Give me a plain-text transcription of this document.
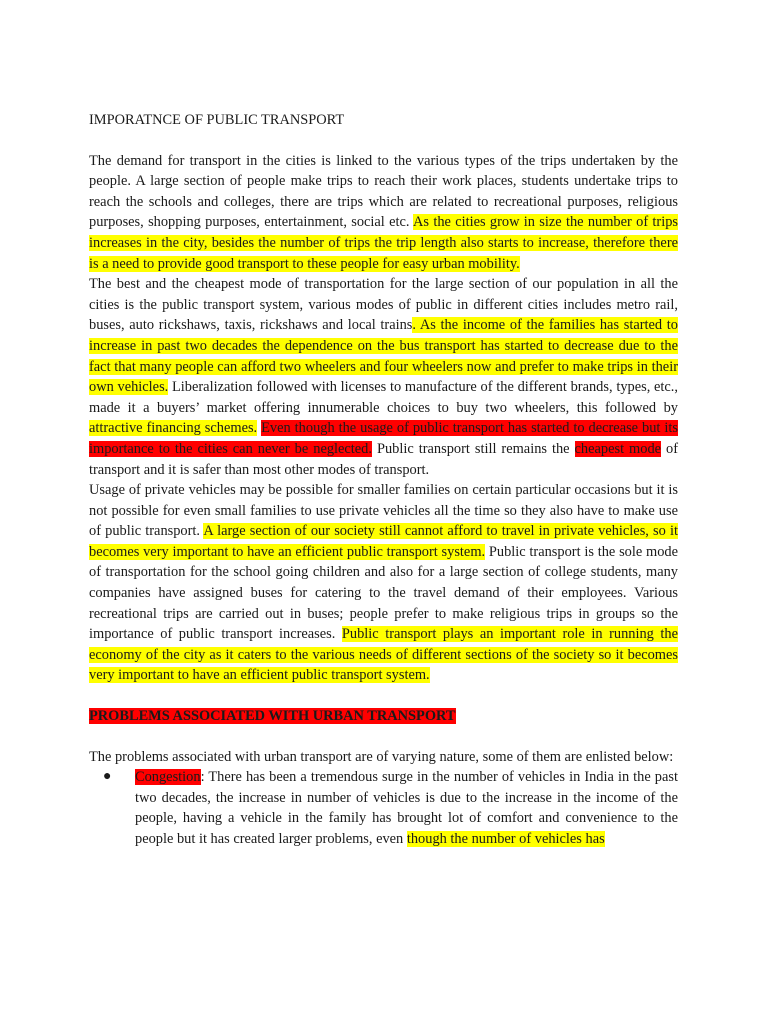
IMPORATNCE OF PUBLIC TRANSPORT

The demand for transport in the cities is linked to the various types of the trips undertaken by the people. A large section of people make trips to reach their work places, students undertake trips to reach the schools and colleges, there are trips which are related to recreational purposes, religious purposes, shopping purposes, entertainment, social etc. As the cities grow in size the number of trips increases in the city, besides the number of trips the trip length also starts to increase, therefore there is a need to provide good transport to these people for easy urban mobility.

The best and the cheapest mode of transportation for the large section of our population in all the cities is the public transport system, various modes of public in different cities includes metro rail, buses, auto rickshaws, taxis, rickshaws and local trains. As the income of the families has started to increase in past two decades the dependence on the bus transport has started to decrease due to the fact that many people can afford two wheelers and four wheelers now and prefer to make trips in their own vehicles. Liberalization followed with licenses to manufacture of the different brands, types, etc., made it a buyers’ market offering innumerable choices to buy two wheelers, this followed by attractive financing schemes. Even though the usage of public transport has started to decrease but its importance to the cities can never be neglected. Public transport still remains the cheapest mode of transport and it is safer than most other modes of transport.

Usage of private vehicles may be possible for smaller families on certain particular occasions but it is not possible for even small families to use private vehicles all the time so they also have to make use of public transport. A large section of our society still cannot afford to travel in private vehicles, so it becomes very important to have an efficient public transport system. Public transport is the sole mode of transportation for the school going children and also for a large section of college students, many companies have assigned buses for catering to the travel demand of their employees. Various recreational trips are carried out in buses; people prefer to make religious trips in groups so the importance of public transport increases. Public transport plays an important role in running the economy of the city as it caters to the various needs of different sections of the society so it becomes very important to have an efficient public transport system.

PROBLEMS ASSOCIATED WITH URBAN TRANSPORT

The problems associated with urban transport are of varying nature, some of them are enlisted below:

● Congestion: There has been a tremendous surge in the number of vehicles in India in the past two decades, the increase in number of vehicles is due to the increase in the income of the people, having a vehicle in the family has brought lot of comfort and convenience to the people but it has created larger problems, even though the number of vehicles has
